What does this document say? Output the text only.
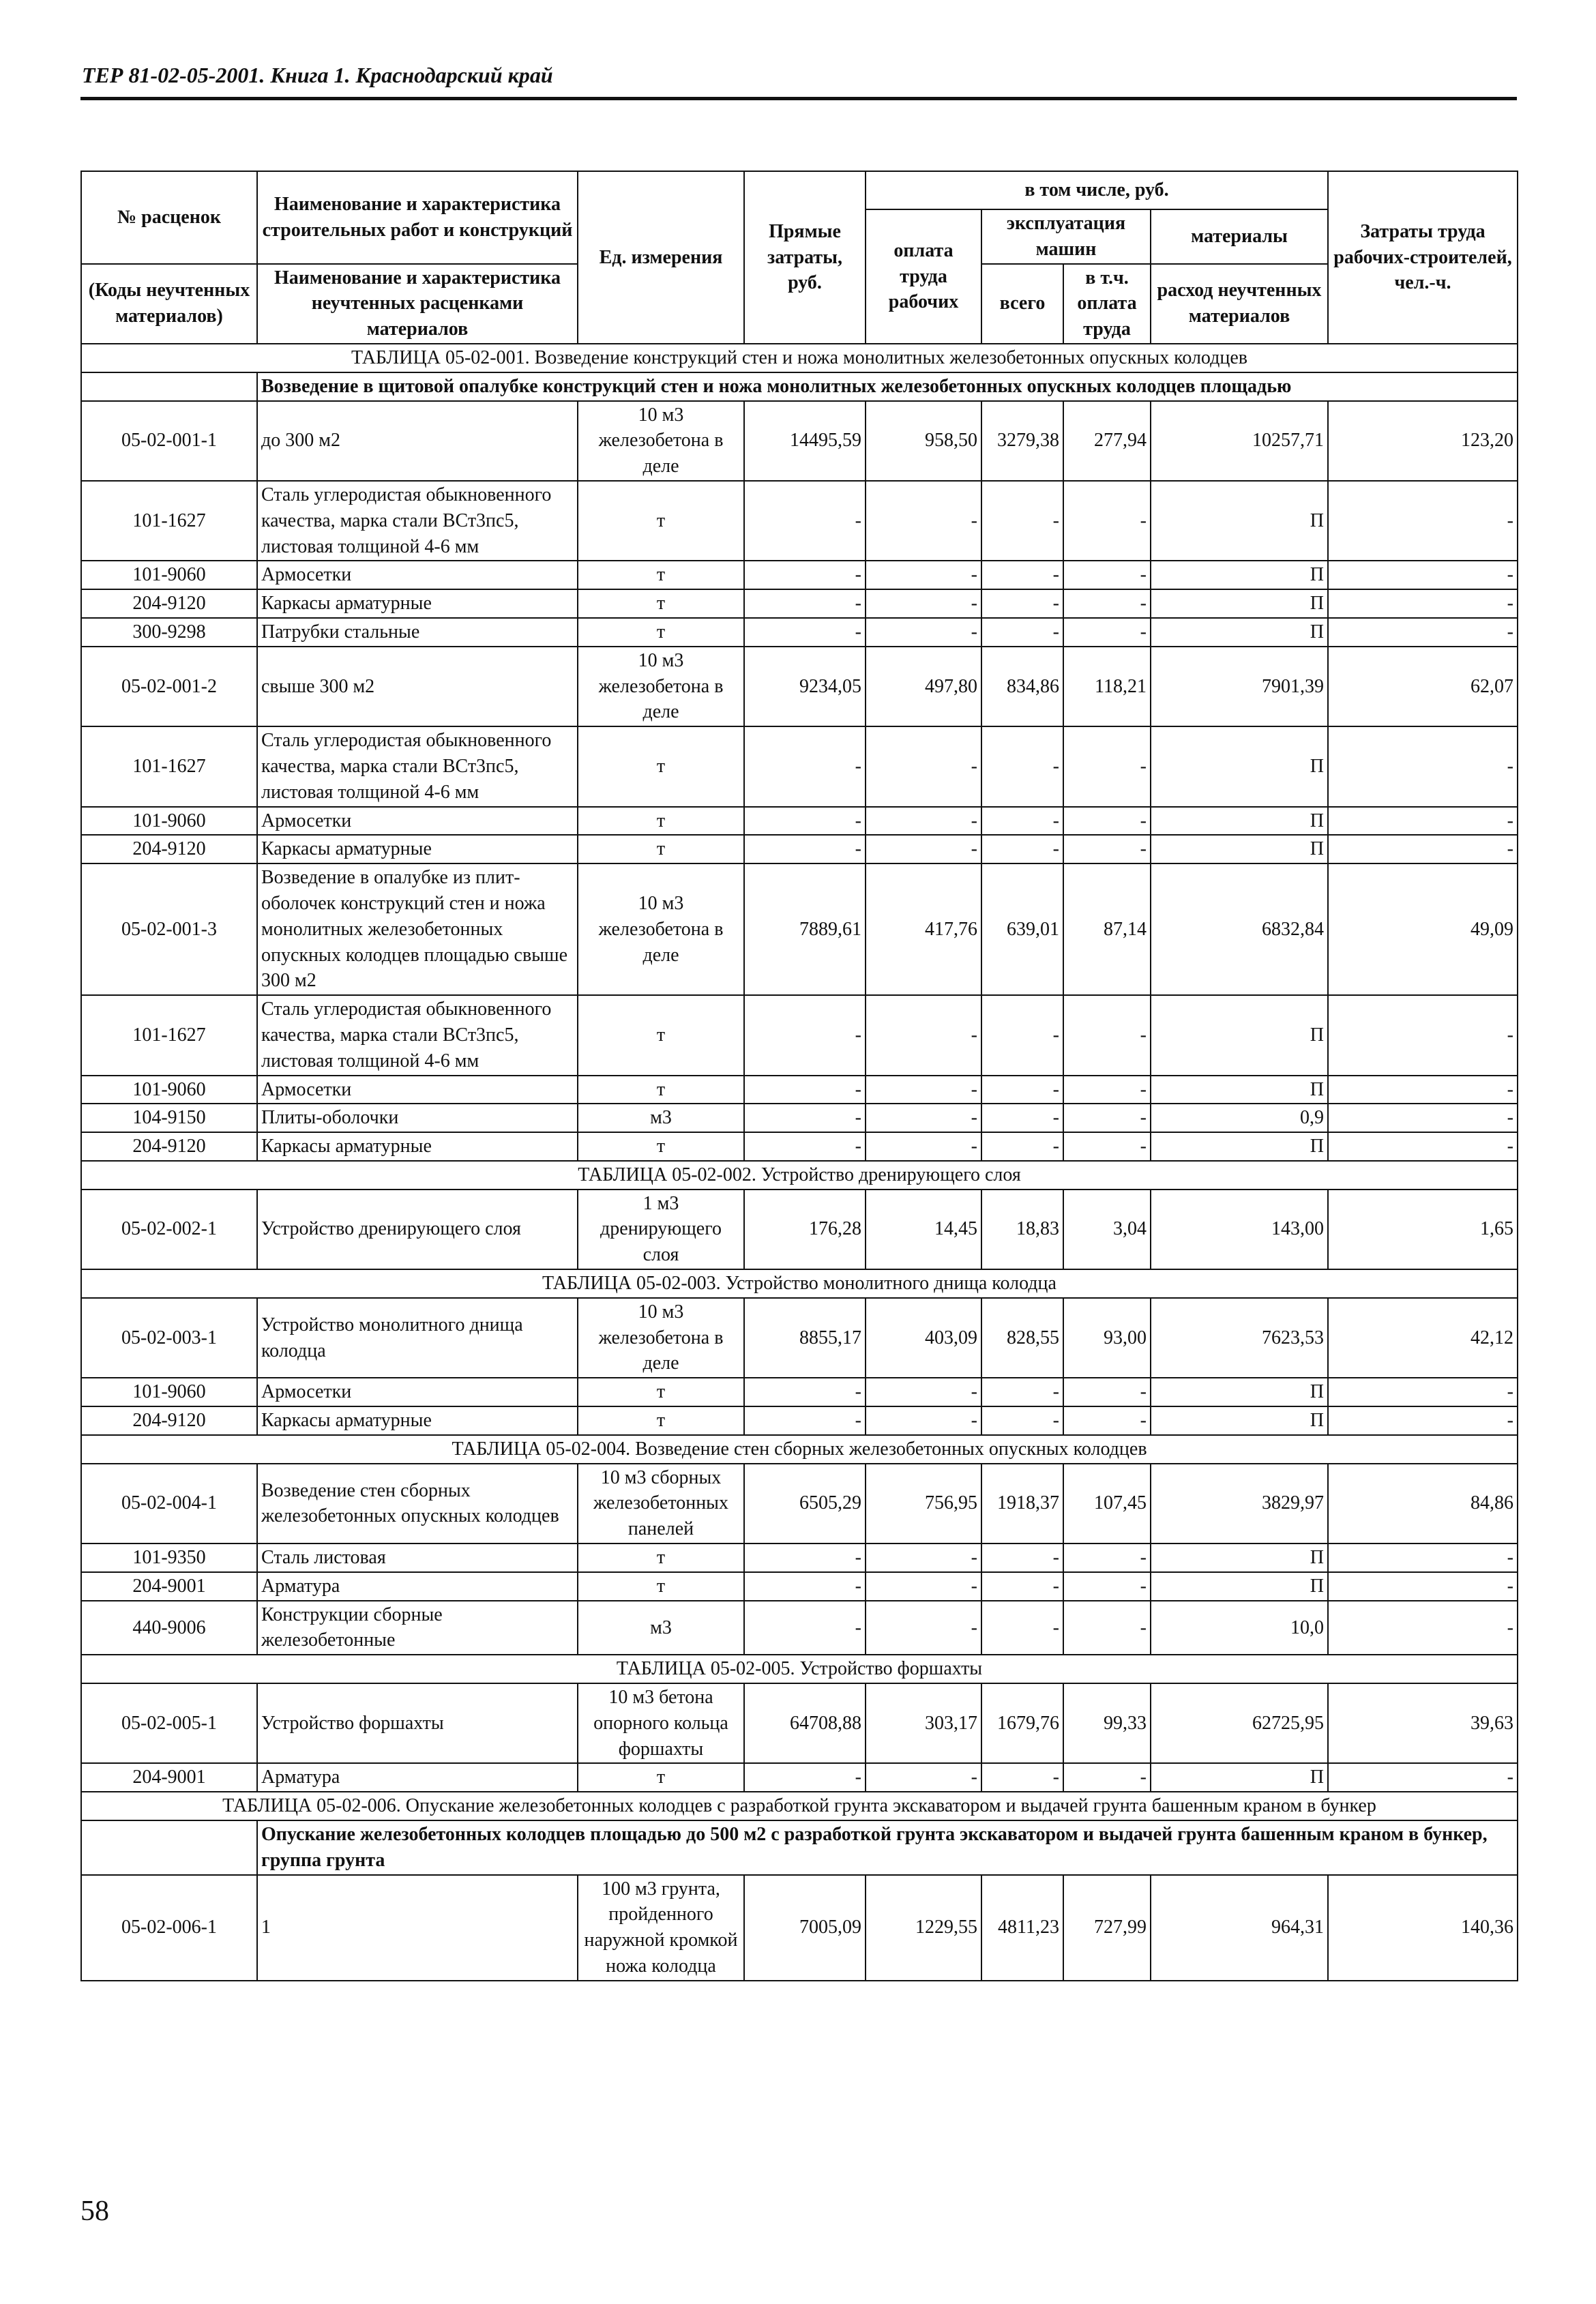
ТЕР 81-02-05-2001. Книга 1. Краснодарский край
№ расценок	Наименование и характеристика строительных работ и конструкций	Ед. измерения	Прямые затраты, руб.	в том числе, руб.				Затраты труда рабочих-строителей, чел.-ч.
				оплата труда рабочих	эксплуатация машин		материалы	

(Коды неучтенных материалов)	Наименование и характеристика неучтенных расценками материалов				всего	в т.ч. оплата труда	расход неучтенных материалов	

ТАБЛИЦА 05-02-001. Возведение конструкций стен и ножа монолитных железобетонных опускных колодцев								
	Возведение в щитовой опалубке конструкций стен и ножа монолитных железобетонных опускных колодцев площадью							
05-02-001-1	до 300 м2	10 м3 железобетона в деле	14495,59	958,50	3279,38	277,94	10257,71	123,20
101-1627	Сталь углеродистая обыкновенного качества, марка стали ВСт3пс5, листовая толщиной 4-6 мм	т	-	-	-	-	П	-
101-9060	Армосетки	т	-	-	-	-	П	-
204-9120	Каркасы арматурные	т	-	-	-	-	П	-
300-9298	Патрубки стальные	т	-	-	-	-	П	-
05-02-001-2	свыше 300 м2	10 м3 железобетона в деле	9234,05	497,80	834,86	118,21	7901,39	62,07
101-1627	Сталь углеродистая обыкновенного качества, марка стали ВСт3пс5, листовая толщиной 4-6 мм	т	-	-	-	-	П	-
101-9060	Армосетки	т	-	-	-	-	П	-
204-9120	Каркасы арматурные	т	-	-	-	-	П	-
05-02-001-3	Возведение в опалубке из плит-оболочек конструкций стен и ножа монолитных железобетонных опускных колодцев площадью свыше 300 м2	10 м3 железобетона в деле	7889,61	417,76	639,01	87,14	6832,84	49,09
101-1627	Сталь углеродистая обыкновенного качества, марка стали ВСт3пс5, листовая толщиной 4-6 мм	т	-	-	-	-	П	-
101-9060	Армосетки	т	-	-	-	-	П	-
104-9150	Плиты-оболочки	м3	-	-	-	-	0,9	-
204-9120	Каркасы арматурные	т	-	-	-	-	П	-
ТАБЛИЦА 05-02-002. Устройство дренирующего слоя								
05-02-002-1	Устройство дренирующего слоя	1 м3 дренирующего слоя	176,28	14,45	18,83	3,04	143,00	1,65
ТАБЛИЦА 05-02-003. Устройство монолитного днища колодца								
05-02-003-1	Устройство монолитного днища колодца	10 м3 железобетона в деле	8855,17	403,09	828,55	93,00	7623,53	42,12
101-9060	Армосетки	т	-	-	-	-	П	-
204-9120	Каркасы арматурные	т	-	-	-	-	П	-
ТАБЛИЦА 05-02-004. Возведение стен сборных железобетонных опускных колодцев								
05-02-004-1	Возведение стен сборных железобетонных опускных колодцев	10 м3 сборных железобетонных панелей	6505,29	756,95	1918,37	107,45	3829,97	84,86
101-9350	Сталь листовая	т	-	-	-	-	П	-
204-9001	Арматура	т	-	-	-	-	П	-
440-9006	Конструкции сборные железобетонные	м3	-	-	-	-	10,0	-
ТАБЛИЦА 05-02-005. Устройство форшахты								
05-02-005-1	Устройство форшахты	10 м3 бетона опорного кольца форшахты	64708,88	303,17	1679,76	99,33	62725,95	39,63
204-9001	Арматура	т	-	-	-	-	П	-
ТАБЛИЦА 05-02-006. Опускание железобетонных колодцев с разработкой грунта экскаватором и выдачей грунта башенным краном в бункер								
	Опускание железобетонных колодцев площадью до 500 м2 с разработкой грунта экскаватором и выдачей грунта башенным краном в бункер, группа грунта							
05-02-006-1	1	100 м3 грунта, пройденного наружной кромкой ножа колодца	7005,09	1229,55	4811,23	727,99	964,31	140,36
58
